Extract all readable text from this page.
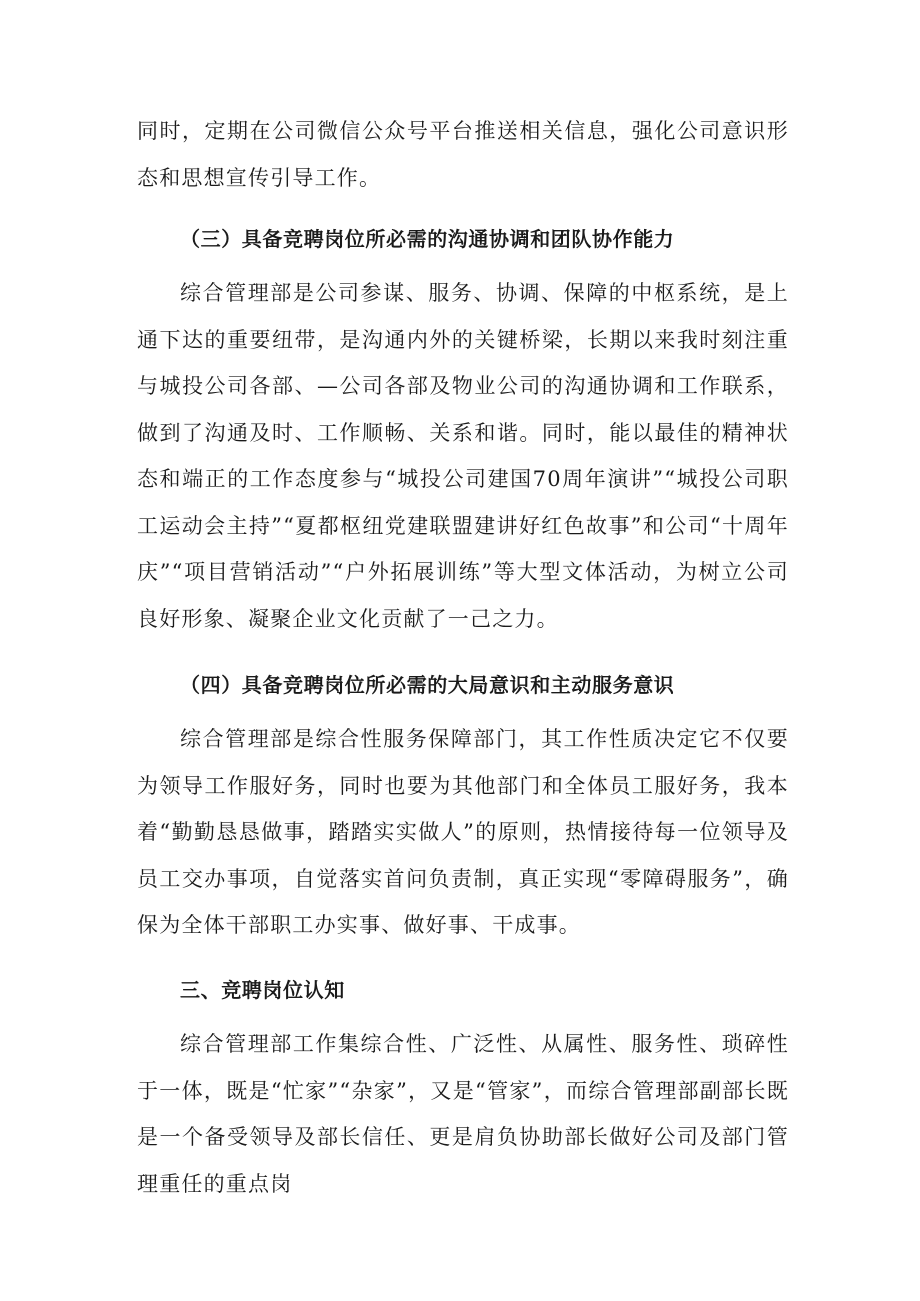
同时，定期在公司微信公众号平台推送相关信息，强化公司意识形态和思想宣传引导工作。

（三）具备竞聘岗位所必需的沟通协调和团队协作能力

综合管理部是公司参谋、服务、协调、保障的中枢系统，是上通下达的重要纽带，是沟通内外的关键桥梁，长期以来我时刻注重与城投公司各部、—公司各部及物业公司的沟通协调和工作联系，做到了沟通及时、工作顺畅、关系和谐。同时，能以最佳的精神状态和端正的工作态度参与“城投公司建国70周年演讲”“城投公司职工运动会主持”“夏都枢纽党建联盟建讲好红色故事”和公司“十周年庆”“项目营销活动”“户外拓展训练”等大型文体活动，为树立公司良好形象、凝聚企业文化贡献了一己之力。

（四）具备竞聘岗位所必需的大局意识和主动服务意识

综合管理部是综合性服务保障部门，其工作性质决定它不仅要为领导工作服好务，同时也要为其他部门和全体员工服好务，我本着“勤勤恳恳做事，踏踏实实做人”的原则，热情接待每一位领导及员工交办事项，自觉落实首问负责制，真正实现“零障碍服务”，确保为全体干部职工办实事、做好事、干成事。

三、竞聘岗位认知

综合管理部工作集综合性、广泛性、从属性、服务性、琐碎性于一体，既是“忙家”“杂家”，又是“管家”，而综合管理部副部长既是一个备受领导及部长信任、更是肩负协助部长做好公司及部门管理重任的重点岗
